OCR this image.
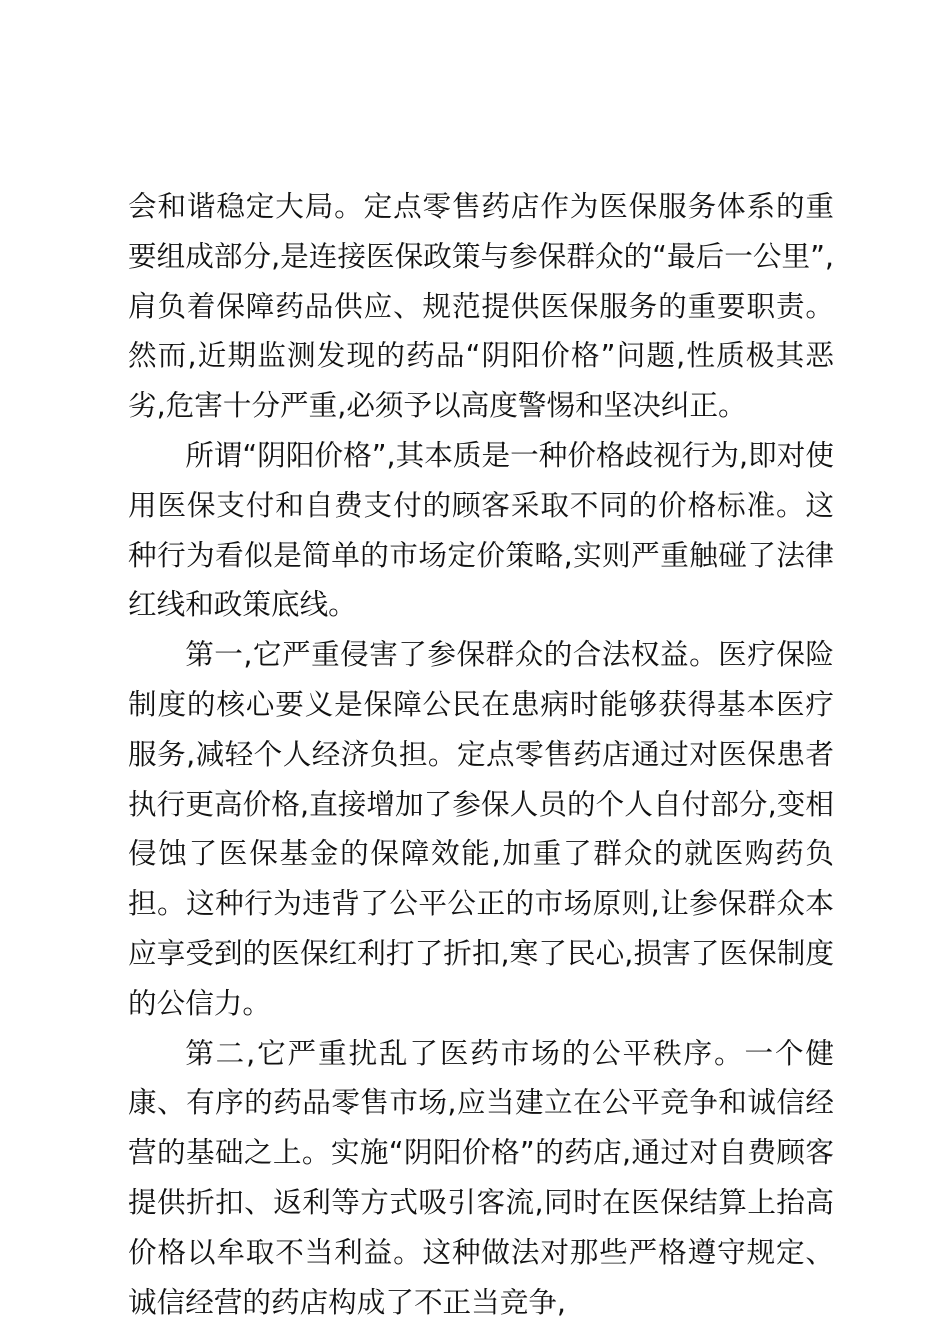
会和谐稳定大局。定点零售药店作为医保服务体系的重要组成部分,是连接医保政策与参保群众的“最后一公里”,肩负着保障药品供应、规范提供医保服务的重要职责。然而,近期监测发现的药品“阴阳价格”问题,性质极其恶劣,危害十分严重,必须予以高度警惕和坚决纠正。

所谓“阴阳价格”,其本质是一种价格歧视行为,即对使用医保支付和自费支付的顾客采取不同的价格标准。这种行为看似是简单的市场定价策略,实则严重触碰了法律红线和政策底线。

第一,它严重侵害了参保群众的合法权益。医疗保险制度的核心要义是保障公民在患病时能够获得基本医疗服务,减轻个人经济负担。定点零售药店通过对医保患者执行更高价格,直接增加了参保人员的个人自付部分,变相侵蚀了医保基金的保障效能,加重了群众的就医购药负担。这种行为违背了公平公正的市场原则,让参保群众本应享受到的医保红利打了折扣,寒了民心,损害了医保制度的公信力。

第二,它严重扰乱了医药市场的公平秩序。一个健康、有序的药品零售市场,应当建立在公平竞争和诚信经营的基础之上。实施“阴阳价格”的药店,通过对自费顾客提供折扣、返利等方式吸引客流,同时在医保结算上抬高价格以牟取不当利益。这种做法对那些严格遵守规定、诚信经营的药店构成了不正当竞争,
